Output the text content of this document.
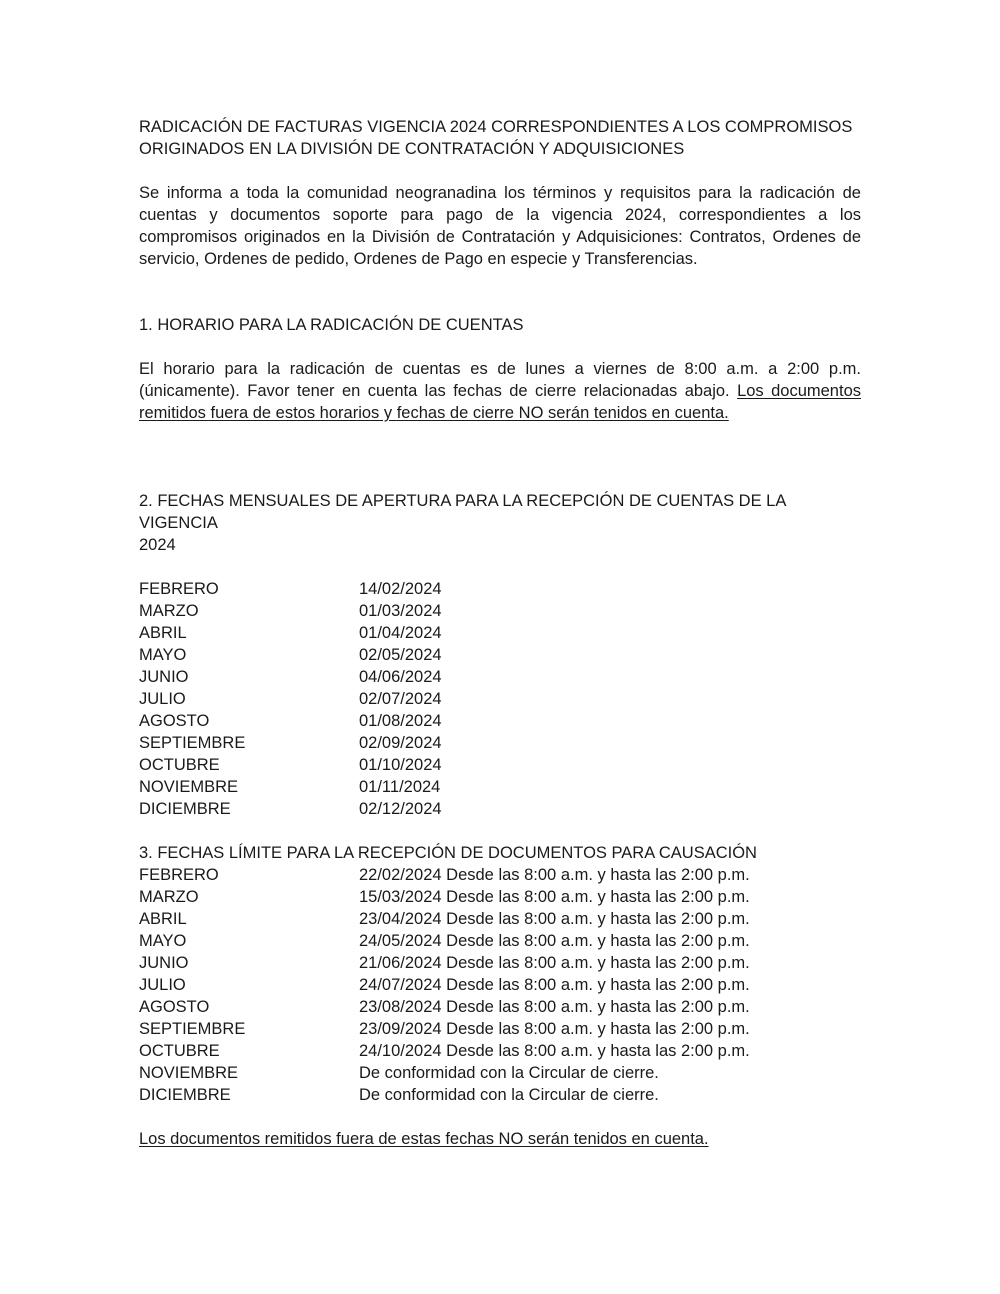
RADICACIÓN DE FACTURAS VIGENCIA 2024 CORRESPONDIENTES A LOS COMPROMISOS
ORIGINADOS EN LA DIVISIÓN DE CONTRATACIÓN Y ADQUISICIONES

Se informa a toda la comunidad neogranadina los términos y requisitos para la radicación de cuentas y documentos soporte para pago de la vigencia 2024, correspondientes a los compromisos originados en la División de Contratación y Adquisiciones: Contratos, Ordenes de servicio, Ordenes de pedido, Ordenes de Pago en especie y Transferencias.

1. HORARIO PARA LA RADICACIÓN DE CUENTAS

El horario para la radicación de cuentas es de lunes a viernes de 8:00 a.m. a 2:00 p.m. (únicamente). Favor tener en cuenta las fechas de cierre relacionadas abajo. Los documentos remitidos fuera de estos horarios y fechas de cierre NO serán tenidos en cuenta.

2. FECHAS MENSUALES DE APERTURA PARA LA RECEPCIÓN DE CUENTAS DE LA VIGENCIA
2024
FEBRERO	14/02/2024
MARZO	01/03/2024
ABRIL	01/04/2024
MAYO	02/05/2024
JUNIO	04/06/2024
JULIO	02/07/2024
AGOSTO	01/08/2024
SEPTIEMBRE	02/09/2024
OCTUBRE	01/10/2024
NOVIEMBRE	01/11/2024
DICIEMBRE	02/12/2024
3. FECHAS LÍMITE PARA LA RECEPCIÓN DE DOCUMENTOS PARA CAUSACIÓN
FEBRERO	22/02/2024 Desde las 8:00 a.m. y hasta las 2:00 p.m.
MARZO	15/03/2024 Desde las 8:00 a.m. y hasta las 2:00 p.m.
ABRIL	23/04/2024 Desde las 8:00 a.m. y hasta las 2:00 p.m.
MAYO	24/05/2024 Desde las 8:00 a.m. y hasta las 2:00 p.m.
JUNIO	21/06/2024 Desde las 8:00 a.m. y hasta las 2:00 p.m.
JULIO	24/07/2024 Desde las 8:00 a.m. y hasta las 2:00 p.m.
AGOSTO	23/08/2024 Desde las 8:00 a.m. y hasta las 2:00 p.m.
SEPTIEMBRE	23/09/2024 Desde las 8:00 a.m. y hasta las 2:00 p.m.
OCTUBRE	24/10/2024 Desde las 8:00 a.m. y hasta las 2:00 p.m.
NOVIEMBRE	De conformidad con la Circular de cierre.
DICIEMBRE	De conformidad con la Circular de cierre.
Los documentos remitidos fuera de estas fechas NO serán tenidos en cuenta.
